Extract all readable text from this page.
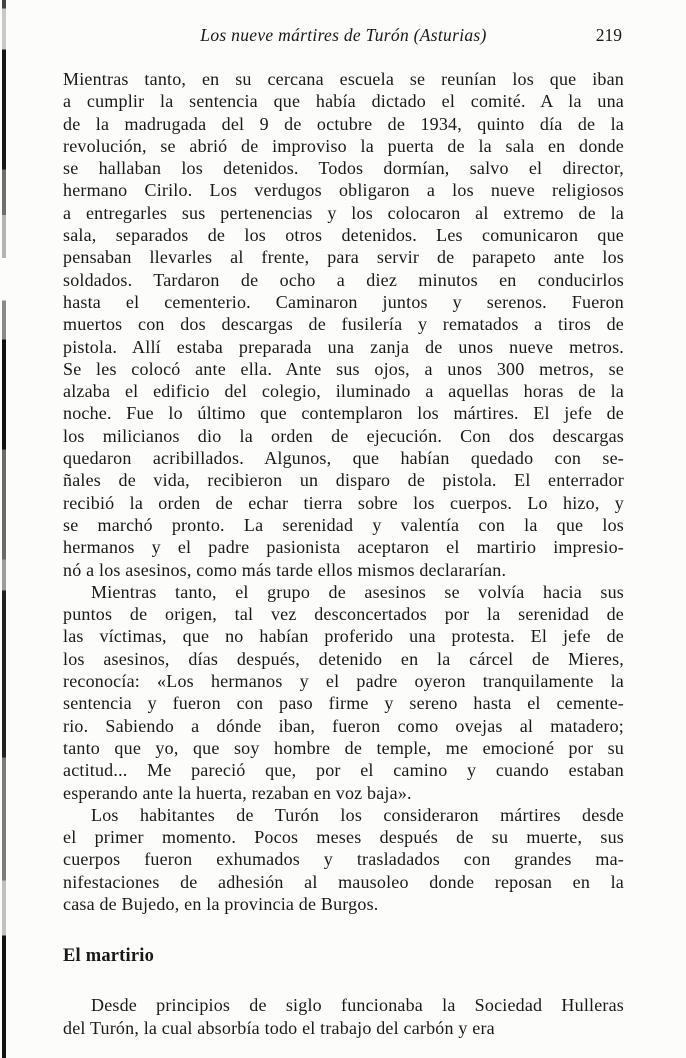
Los nueve mártires de Turón (Asturias)	219
Mientras tanto, en su cercana escuela se reunían los que iban
a cumplir la sentencia que había dictado el comité. A la una
de la madrugada del 9 de octubre de 1934, quinto día de la
revolución, se abrió de improviso la puerta de la sala en donde
se hallaban los detenidos. Todos dormían, salvo el director,
hermano Cirilo. Los verdugos obligaron a los nueve religiosos
a entregarles sus pertenencias y los colocaron al extremo de la
sala, separados de los otros detenidos. Les comunicaron que
pensaban llevarles al frente, para servir de parapeto ante los
soldados. Tardaron de ocho a diez minutos en conducirlos
hasta el cementerio. Caminaron juntos y serenos. Fueron
muertos con dos descargas de fusilería y rematados a tiros de
pistola. Allí estaba preparada una zanja de unos nueve metros.
Se les colocó ante ella. Ante sus ojos, a unos 300 metros, se
alzaba el edificio del colegio, iluminado a aquellas horas de la
noche. Fue lo último que contemplaron los mártires. El jefe de
los milicianos dio la orden de ejecución. Con dos descargas
quedaron acribillados. Algunos, que habían quedado con se-
ñales de vida, recibieron un disparo de pistola. El enterrador
recibió la orden de echar tierra sobre los cuerpos. Lo hizo, y
se marchó pronto. La serenidad y valentía con la que los
hermanos y el padre pasionista aceptaron el martirio impresio-
nó a los asesinos, como más tarde ellos mismos declararían.
Mientras tanto, el grupo de asesinos se volvía hacia sus
puntos de origen, tal vez desconcertados por la serenidad de
las víctimas, que no habían proferido una protesta. El jefe de
los asesinos, días después, detenido en la cárcel de Mieres,
reconocía: «Los hermanos y el padre oyeron tranquilamente la
sentencia y fueron con paso firme y sereno hasta el cemente-
rio. Sabiendo a dónde iban, fueron como ovejas al matadero;
tanto que yo, que soy hombre de temple, me emocioné por su
actitud... Me pareció que, por el camino y cuando estaban
esperando ante la huerta, rezaban en voz baja».
Los habitantes de Turón los consideraron mártires desde
el primer momento. Pocos meses después de su muerte, sus
cuerpos fueron exhumados y trasladados con grandes ma-
nifestaciones de adhesión al mausoleo donde reposan en la
casa de Bujedo, en la provincia de Burgos.
El martirio
Desde principios de siglo funcionaba la Sociedad Hulleras
del Turón, la cual absorbía todo el trabajo del carbón y era
